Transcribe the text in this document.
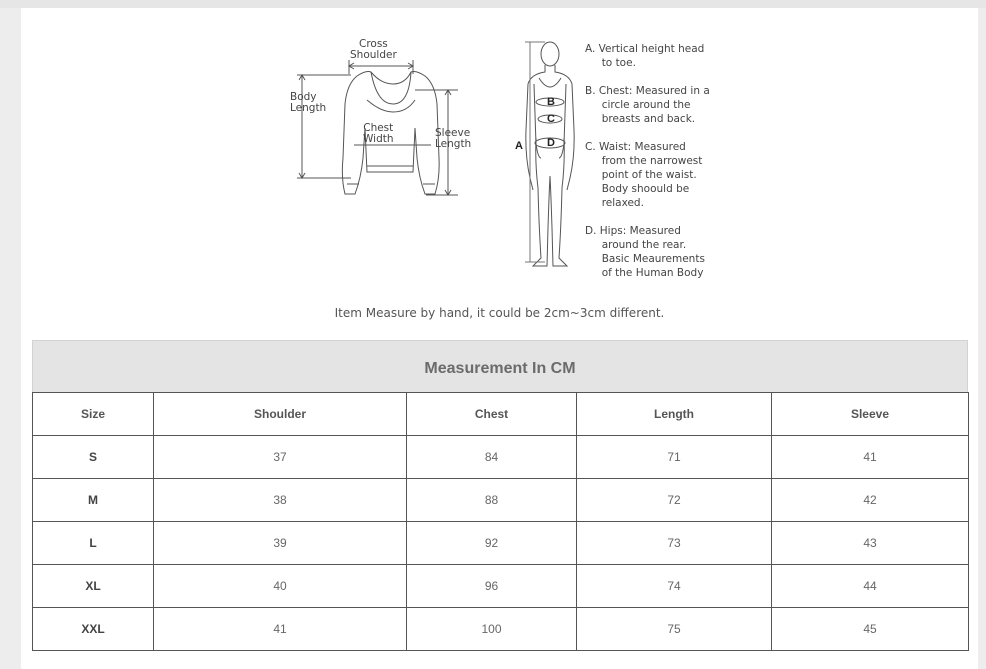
Cross
Shoulder
Body
Length
Chest
Width	Sleeve
Length	A
B
C
D
A. Vertical height head
to toe.
B. Chest: Measured in a
circle around the
breasts and back.
C. Waist: Measured
from the narrowest
point of the waist.
Body shoould be
relaxed.
D. Hips: Measured
around the rear.
Basic Meaurements
of the Human Body
Item Measure by hand, it could be 2cm~3cm different.
Measurement In CM
Size	Shoulder	Chest	Length	Sleeve
S	37	84	71	41
M	38	88	72	42
L	39	92	73	43
XL	40	96	74	44
XXL	41	100	75	45
